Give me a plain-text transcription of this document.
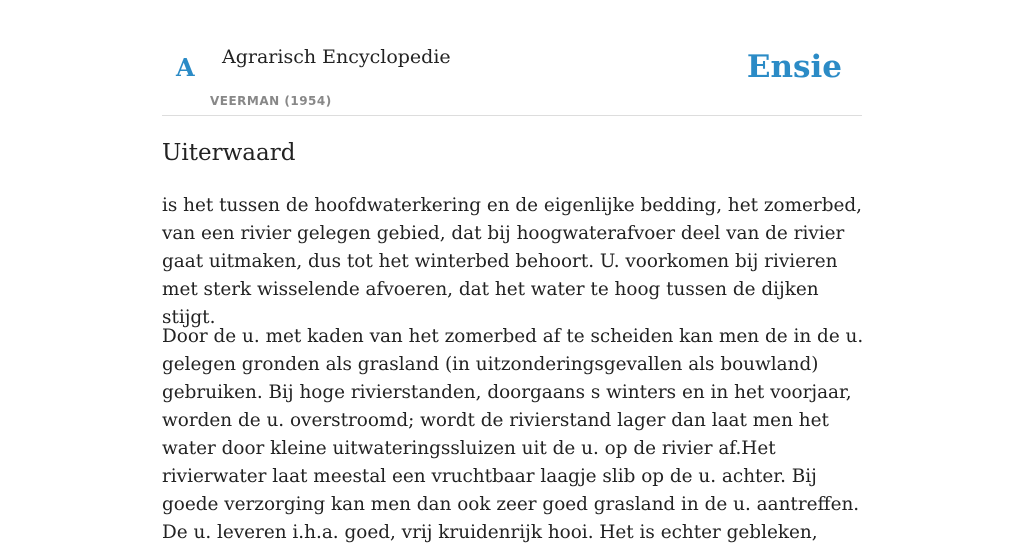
A Agrarisch Encyclopedie
VEERMAN (1954)
Ensie
Uiterwaard

is het tussen de hoofdwaterkering en de eigenlijke bedding, het zomerbed, van een rivier gelegen gebied, dat bij hoogwaterafvoer deel van de rivier gaat uitmaken, dus tot het winterbed behoort. U. voorkomen bij rivieren met sterk wisselende afvoeren, dat het water te hoog tussen de dijken stijgt.

Door de u. met kaden van het zomerbed af te scheiden kan men de in de u. gelegen gronden als grasland (in uitzonderingsgevallen als bouwland) gebruiken. Bij hoge rivierstanden, doorgaans s winters en in het voorjaar, worden de u. overstroomd; wordt de rivierstand lager dan laat men het water door kleine uitwateringssluizen uit de u. op de rivier af.Het rivierwater laat meestal een vruchtbaar laagje slib op de u. achter. Bij goede verzorging kan men dan ook zeer goed grasland in de u. aantreffen. De u. leveren i.h.a. goed, vrij kruidenrijk hooi. Het is echter gebleken,
